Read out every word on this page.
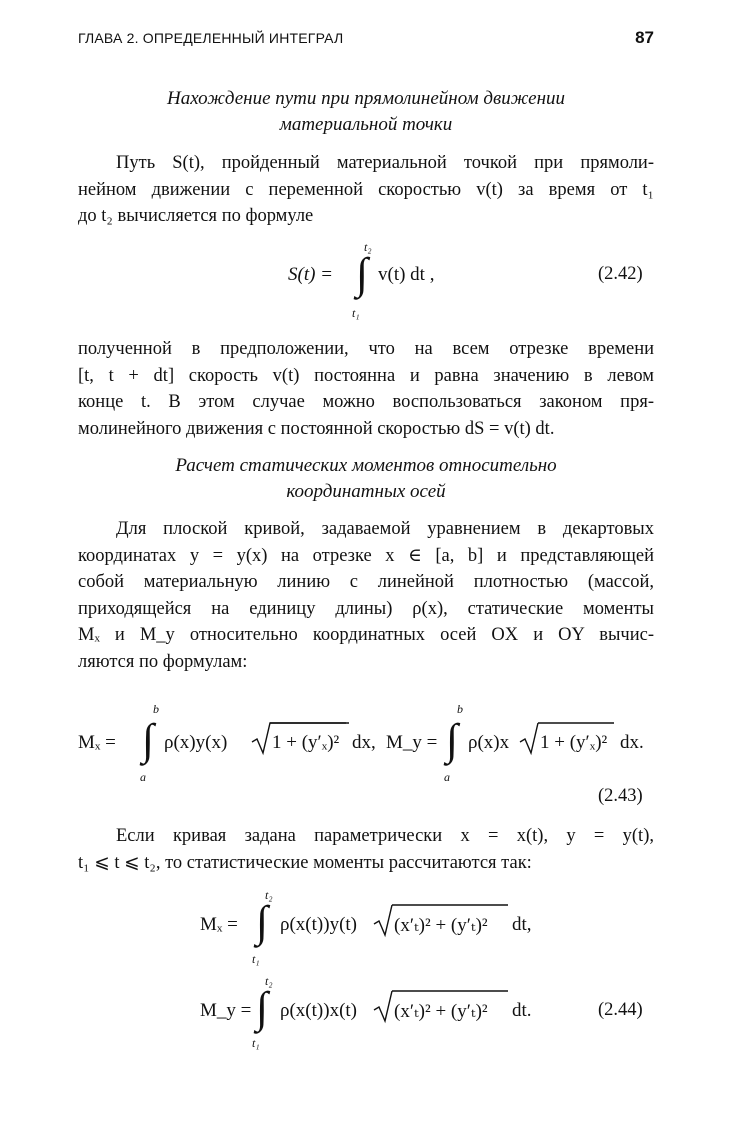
ГЛАВА 2. ОПРЕДЕЛЕННЫЙ ИНТЕГРАЛ	87
Нахождение пути при прямолинейном движении
материальной точки
Путь S(t), пройденный материальной точкой при прямоли-
нейном движении с переменной скоростью v(t) за время от t₁
до t₂ вычисляется по формуле
S(t) =
t₂
∫
t₁
v(t) dt ,	(2.42)
полученной в предположении, что на всем отрезке времени
[t, t + dt] скорость v(t) постоянна и равна значению в левом
конце t. В этом случае можно воспользоваться законом пря-
молинейного движения с постоянной скоростью dS = v(t) dt.
Расчет статических моментов относительно
координатных осей
Для плоской кривой, задаваемой уравнением в декартовых
координатах y = y(x) на отрезке x ∈ [a, b] и представляющей
собой материальную линию с линейной плотностью (массой,
приходящейся на единицу длины) ρ(x), статические моменты
Mₓ и M_y относительно координатных осей OX и OY вычис-
ляются по формулам:
Mₓ =
b
∫
a
ρ(x)y(x) 1 + (y′ₓ)² dx, M_y =
b
∫
a
ρ(x)x 1 + (y′ₓ)² dx.
(2.43)
Если кривая задана параметрически x = x(t), y = y(t),
t₁ ⩽ t ⩽ t₂, то статистические моменты рассчитаются так:
Mₓ =
t₂
∫
t₁
ρ(x(t))y(t) (x′ₜ)² + (y′ₜ)² dt,
M_y =
t₂
∫
t₁
ρ(x(t))x(t) (x′ₜ)² + (y′ₜ)² dt.	(2.44)
